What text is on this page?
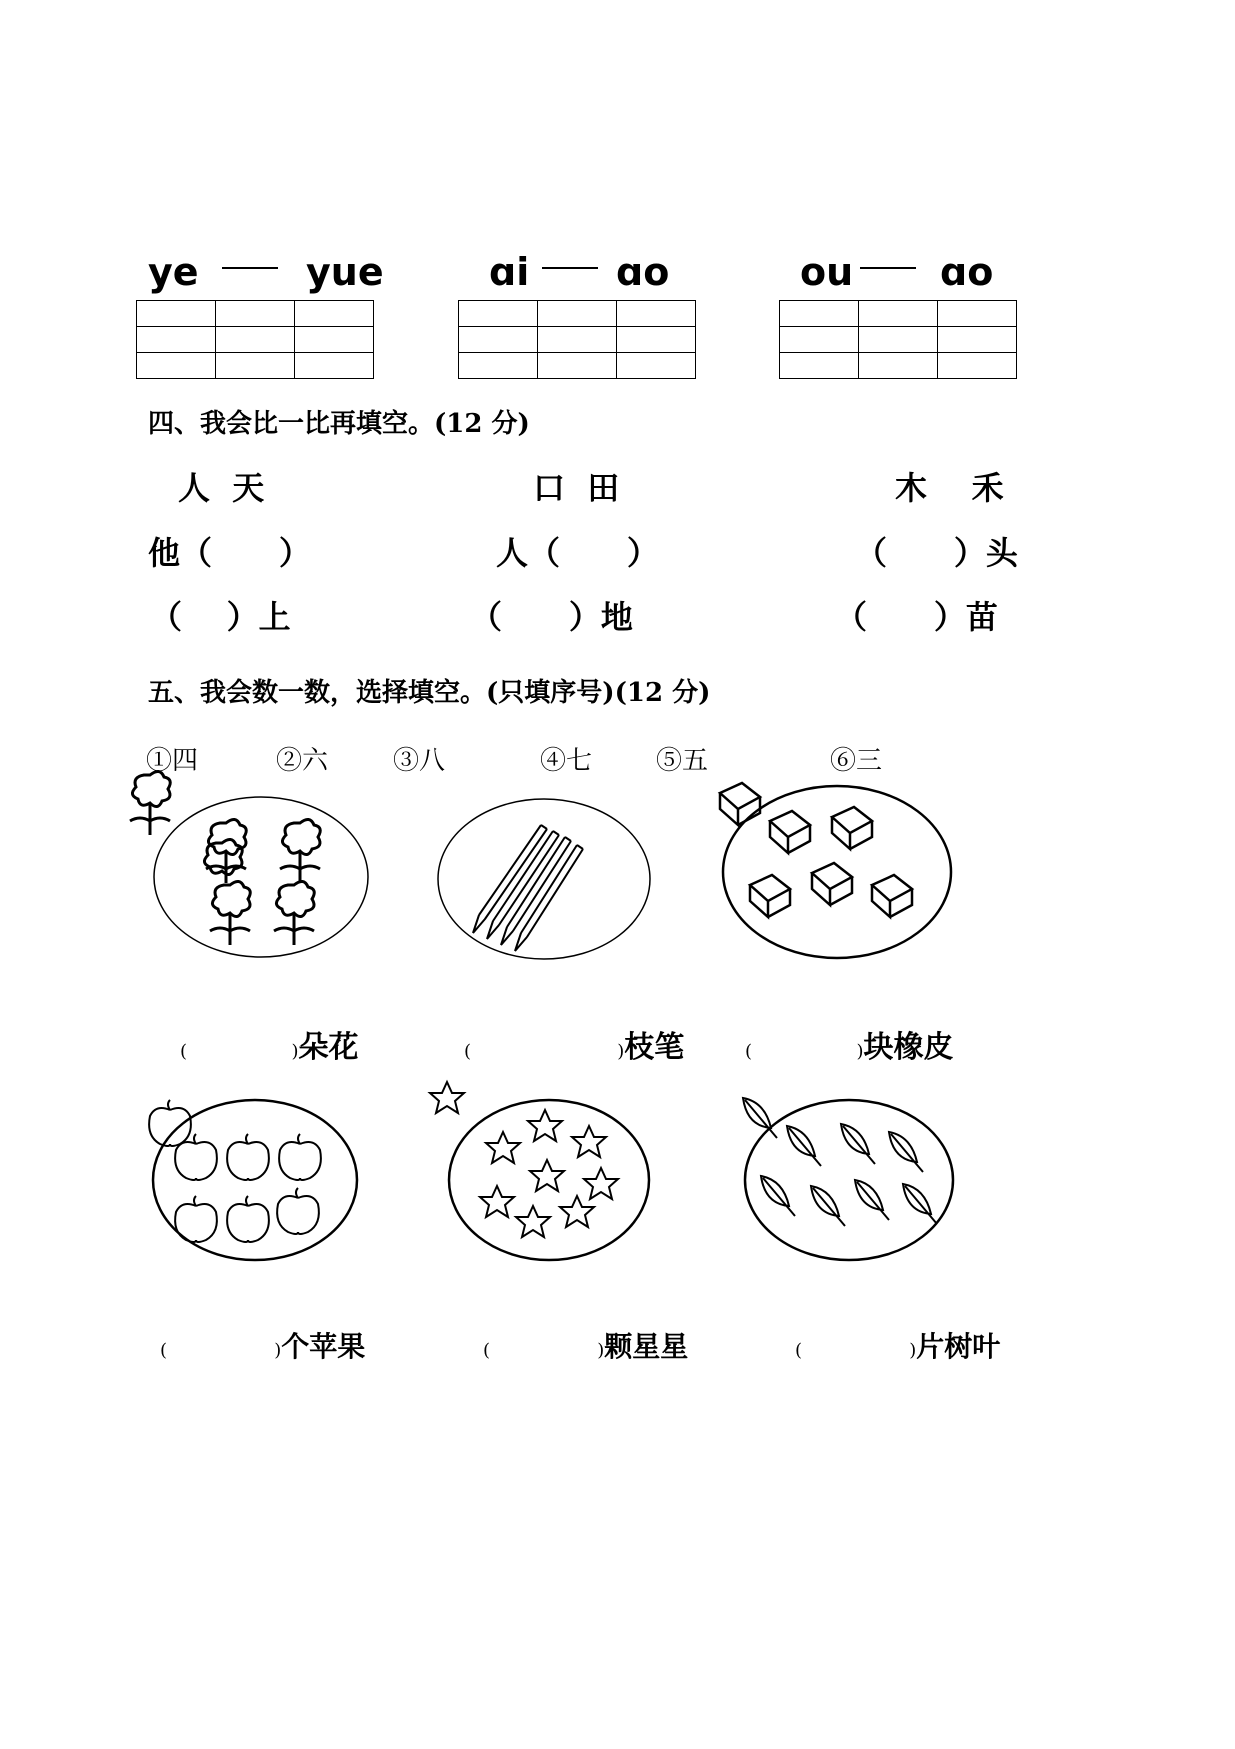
ye	yue	ɑi ɑo	ou ɑo

四、我会比一比再填空。(12 分)
人  天	口  田	木    禾
他（      ）	人（      ）	（      ）头
（    ）上	（      ）地	（      ）苗
五、我会数一数，选择填空。(只填序号)(12 分)
①四	②六 ③八	④七 ⑤五	⑥三
(	)朵花	(	)枝笔	(	)块橡皮
(	)个苹果	(	)颗星星	(	)片树叶
